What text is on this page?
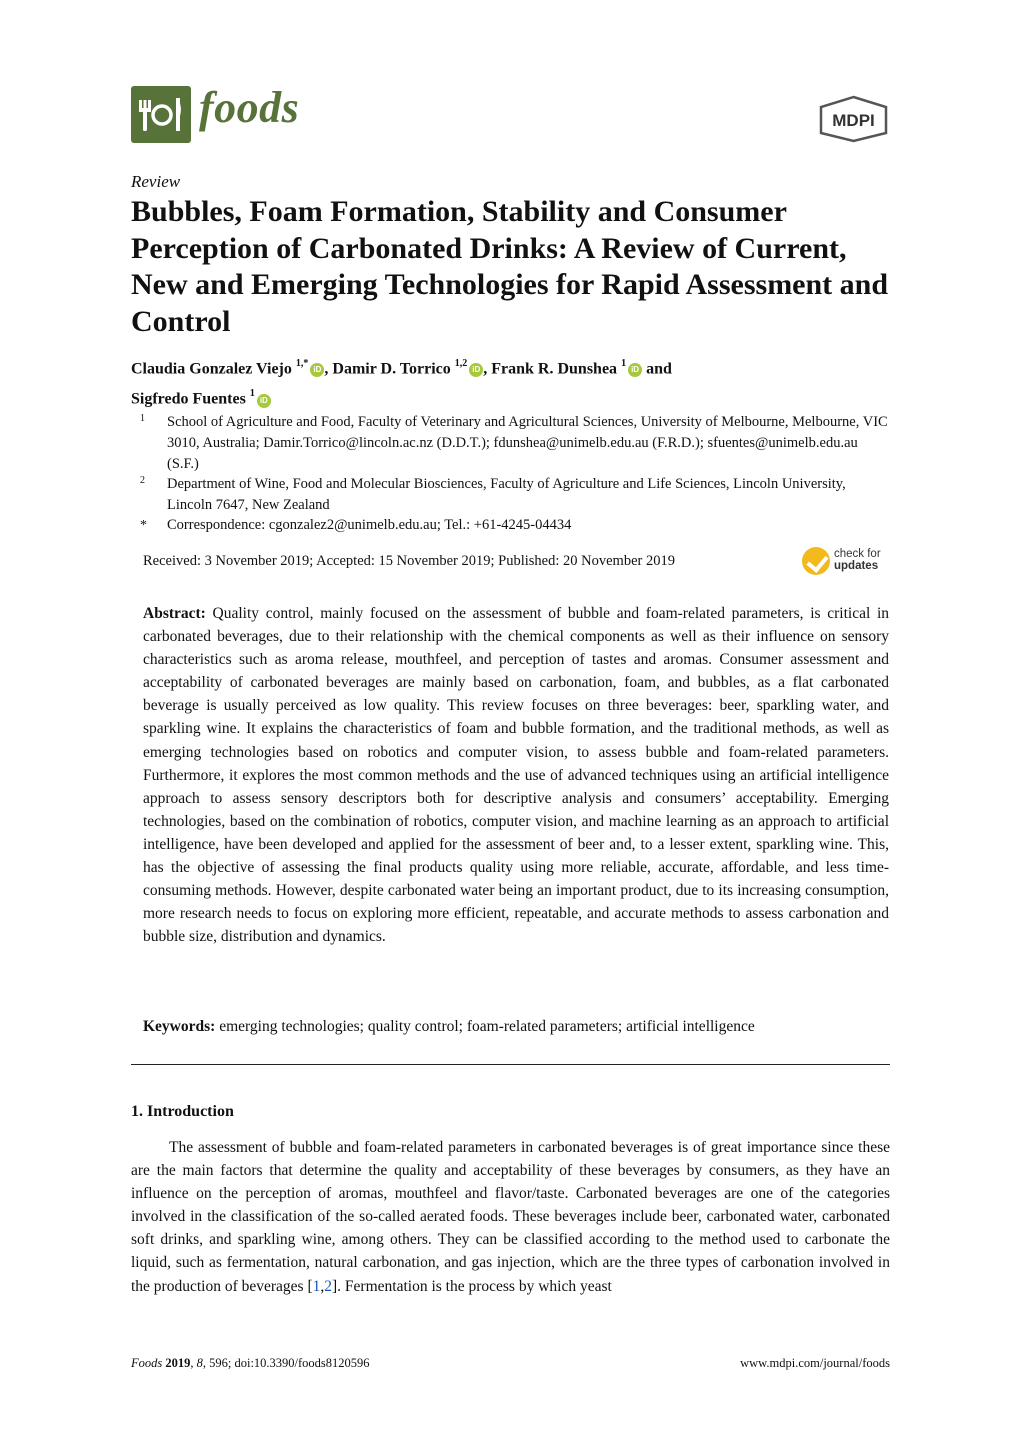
foods	MDPI
Review
Bubbles, Foam Formation, Stability and Consumer Perception of Carbonated Drinks: A Review of Current, New and Emerging Technologies for Rapid Assessment and Control
Claudia Gonzalez Viejo $^{1,*}$iD , Damir D. Torrico $^{1,2}$iD , Frank R. Dunshea $^1$iD and
Sigfredo Fuentes $^1$iD
1 School of Agriculture and Food, Faculty of Veterinary and Agricultural Sciences, University of Melbourne, Melbourne, VIC 3010, Australia; Damir.Torrico@lincoln.ac.nz (D.D.T.); fdunshea@unimelb.edu.au (F.R.D.); sfuentes@unimelb.edu.au (S.F.)
2 Department of Wine, Food and Molecular Biosciences, Faculty of Agriculture and Life Sciences, Lincoln University, Lincoln 7647, New Zealand
* Correspondence: cgonzalez2@unimelb.edu.au; Tel.: +61-4245-04434
Received: 3 November 2019; Accepted: 15 November 2019; Published: 20 November 2019	check for
updates

Abstract: Quality control, mainly focused on the assessment of bubble and foam-related parameters, is critical in carbonated beverages, due to their relationship with the chemical components as well as their influence on sensory characteristics such as aroma release, mouthfeel, and perception of tastes and aromas. Consumer assessment and acceptability of carbonated beverages are mainly based on carbonation, foam, and bubbles, as a flat carbonated beverage is usually perceived as low quality. This review focuses on three beverages: beer, sparkling water, and sparkling wine. It explains the characteristics of foam and bubble formation, and the traditional methods, as well as emerging technologies based on robotics and computer vision, to assess bubble and foam-related parameters. Furthermore, it explores the most common methods and the use of advanced techniques using an artificial intelligence approach to assess sensory descriptors both for descriptive analysis and consumers’ acceptability. Emerging technologies, based on the combination of robotics, computer vision, and machine learning as an approach to artificial intelligence, have been developed and applied for the assessment of beer and, to a lesser extent, sparkling wine. This, has the objective of assessing the final products quality using more reliable, accurate, affordable, and less time-consuming methods. However, despite carbonated water being an important product, due to its increasing consumption, more research needs to focus on exploring more efficient, repeatable, and accurate methods to assess carbonation and bubble size, distribution and dynamics.

Keywords: emerging technologies; quality control; foam-related parameters; artificial intelligence

1. Introduction

The assessment of bubble and foam-related parameters in carbonated beverages is of great importance since these are the main factors that determine the quality and acceptability of these beverages by consumers, as they have an influence on the perception of aromas, mouthfeel and flavor/taste. Carbonated beverages are one of the categories involved in the classification of the so-called aerated foods. These beverages include beer, carbonated water, carbonated soft drinks, and sparkling wine, among others. They can be classified according to the method used to carbonate the liquid, such as fermentation, natural carbonation, and gas injection, which are the three types of carbonation involved in the production of beverages [1,2]. Fermentation is the process by which yeast

Foods 2019, 8, 596; doi:10.3390/foods8120596	www.mdpi.com/journal/foods
